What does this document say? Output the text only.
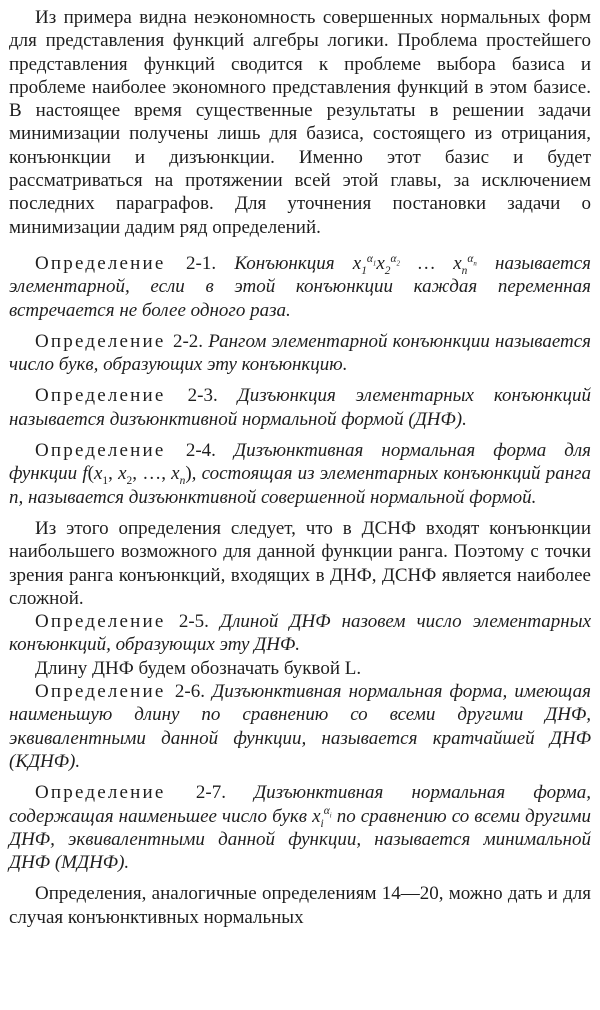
Из примера видна неэкономность совершенных нормальных форм для представления функций алгебры логики. Проблема простейшего представления функций сводится к проблеме выбора базиса и проблеме наиболее экономного представления функций в этом базисе. В настоящее время существенные результаты в решении задачи минимизации получены лишь для базиса, состоящего из отрицания, конъюнкции и дизъюнкции. Именно этот базис и будет рассматриваться на протяжении всей этой главы, за исключением последних параграфов. Для уточнения постановки задачи о минимизации дадим ряд определений.

Определение 2-1. Конъюнкция $x_1^{\alpha_1}x_2^{\alpha_2}$ … $x_n^{\alpha_n}$ называется элементарной, если в этой конъюнкции каждая переменная встречается не более одного раза.

Определение 2-2. Рангом элементарной конъюнкции называется число букв, образующих эту конъюнкцию.

Определение 2-3. Дизъюнкция элементарных конъюнкций называется дизъюнктивной нормальной формой (ДНФ).

Определение 2-4. Дизъюнктивная нормальная форма для функции $f(x_1$, $x_2$, …, $x_n$), состоящая из элементарных конъюнкций ранга n, называется дизъюнктивной совершенной нормальной формой.

Из этого определения следует, что в ДСНФ входят конъюнкции наибольшего возможного для данной функции ранга. Поэтому с точки зрения ранга конъюнкций, входящих в ДНФ, ДСНФ является наиболее сложной.

Определение 2-5. Длиной ДНФ назовем число элементарных конъюнкций, образующих эту ДНФ.

Длину ДНФ будем обозначать буквой L.

Определение 2-6. Дизъюнктивная нормальная форма, имеющая наименьшую длину по сравнению со всеми другими ДНФ, эквивалентными данной функции, называется кратчайшей ДНФ (КДНФ).

Определение 2-7. Дизъюнктивная нормальная форма, содержащая наименьшее число букв $x_i^{\alpha_i}$ по сравнению со всеми другими ДНФ, эквивалентными данной функции, называется минимальной ДНФ (МДНФ).

Определения, аналогичные определениям 14—20, можно дать и для случая конъюнктивных нормальных
